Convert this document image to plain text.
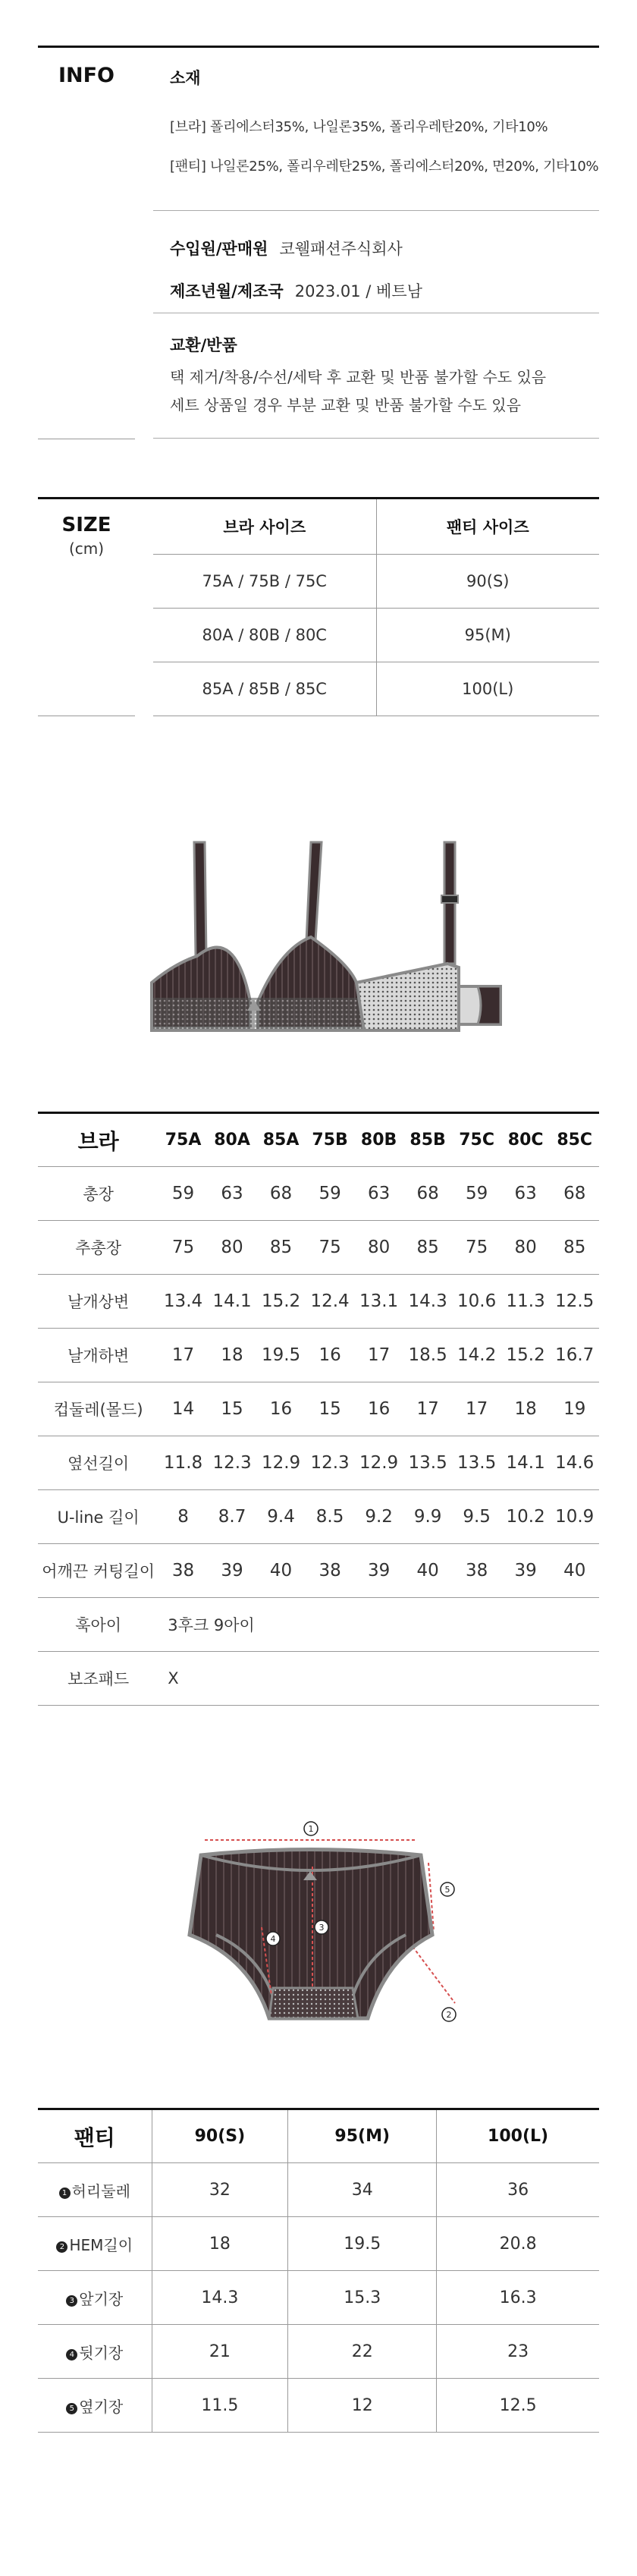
INFO	소재
[브라] 폴리에스터35%, 나일론35%, 폴리우레탄20%, 기타10%
[팬티] 나일론25%, 폴리우레탄25%, 폴리에스터20%, 면20%, 기타10%
수입원/판매원 코웰패션주식회사
제조년월/제조국 2023.01 / 베트남
교환/반품
택 제거/착용/수선/세탁 후 교환 및 반품 불가할 수도 있음
세트 상품일 경우 부분 교환 및 반품 불가할 수도 있음
SIZE
(cm)
브라 사이즈	팬티 사이즈
75A / 75B / 75C	90(S)
80A / 80B / 80C	95(M)
85A / 85B / 85C	100(L)
브라	75A	80A	85A	75B	80B	85B	75C	80C	85C
총장	59	63	68	59	63	68	59	63	68
추총장	75	80	85	75	80	85	75	80	85
날개상변	13.4	14.1	15.2	12.4	13.1	14.3	10.6	11.3	12.5
날개하변	17	18	19.5	16	17	18.5	14.2	15.2	16.7
컵둘레(몰드)	14	15	16	15	16	17	17	18	19
옆선길이	11.8	12.3	12.9	12.3	12.9	13.5	13.5	14.1	14.6
U-line 길이	8	8.7	9.4	8.5	9.2	9.9	9.5	10.2	10.9
어깨끈 커팅길이	38	39	40	38	39	40	38	39	40
훅아이	3후크 9아이								
보조패드	X								
1
2
3
4
5
팬티	90(S)	95(M)	100(L)
1 허리둘레	32	34	36
2 HEM길이	18	19.5	20.8
3 앞기장	14.3	15.3	16.3
4 뒷기장	21	22	23
5 옆기장	11.5	12	12.5
